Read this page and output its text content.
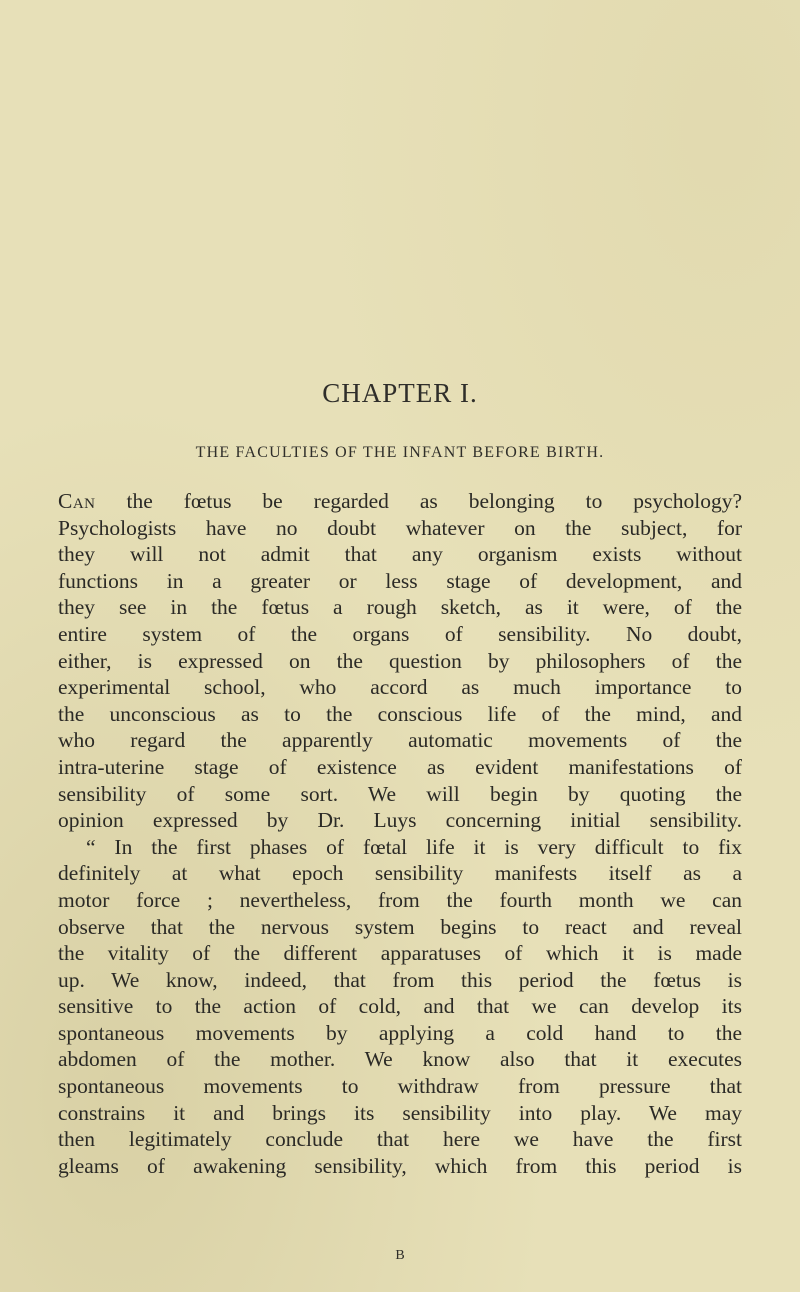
CHAPTER I.
THE FACULTIES OF THE INFANT BEFORE BIRTH.
Can the fœtus be regarded as belonging to psychology?
Psychologists have no doubt whatever on the subject, for
they will not admit that any organism exists without
functions in a greater or less stage of development, and
they see in the fœtus a rough sketch, as it were, of the
entire system of the organs of sensibility. No doubt,
either, is expressed on the question by philosophers of the
experimental school, who accord as much importance to
the unconscious as to the conscious life of the mind, and
who regard the apparently automatic movements of the
intra-uterine stage of existence as evident manifestations of
sensibility of some sort. We will begin by quoting the
opinion expressed by Dr. Luys concerning initial sensibility.
“ In the first phases of fœtal life it is very difficult to fix
definitely at what epoch sensibility manifests itself as a
motor force ; nevertheless, from the fourth month we can
observe that the nervous system begins to react and reveal
the vitality of the different apparatuses of which it is made
up. We know, indeed, that from this period the fœtus is
sensitive to the action of cold, and that we can develop its
spontaneous movements by applying a cold hand to the
abdomen of the mother. We know also that it executes
spontaneous movements to withdraw from pressure that
constrains it and brings its sensibility into play. We may
then legitimately conclude that here we have the first
gleams of awakening sensibility, which from this period is
B
